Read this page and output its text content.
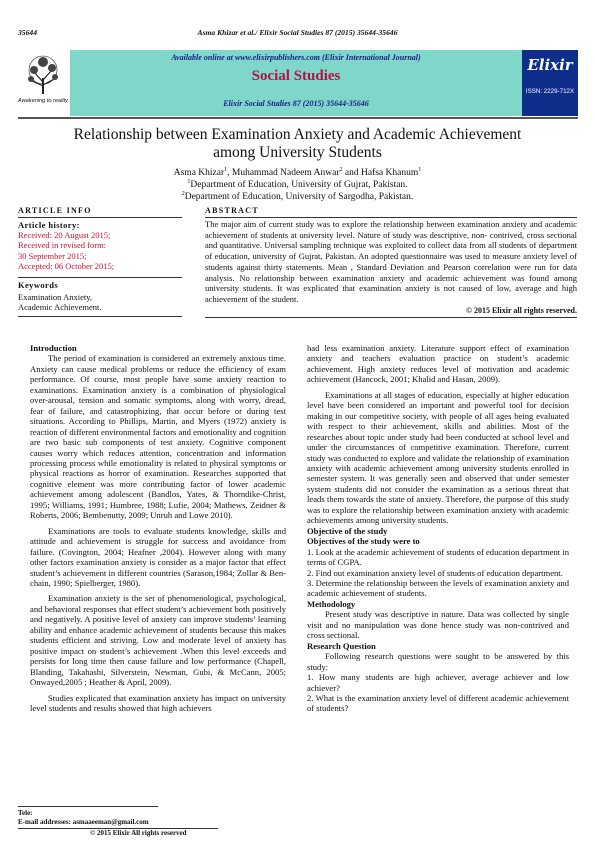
35644	Asma Khizar et al./ Elixir Social Studies 87 (2015) 35644-35646
Awakening to reality
Available online at www.elixirpublishers.com (Elixir International Journal)
Social Studies
Elixir Social Studies 87 (2015) 35644-35646
Elixir
ISSN: 2229-712X
Relationship between Examination Anxiety and Academic Achievement
among University Students
Asma Khizar$^1$, Muhammad Nadeem Anwar$^2$ and Hafsa Khanum$^1$
$^1$Department of Education, University of Gujrat, Pakistan.
$^2$Department of Education, University of Sargodha, Pakistan.
ARTICLE INFO
Article history:
Received: 20 August 2015;
Received in revised form:
30 September 2015;
Accepted: 06 October 2015;
Keywords
Examination Anxiety,
Academic Achievement.
ABSTRACT

The major aim of current study was to explore the relationship between examination anxiety and academic achievement of students at university level. Nature of study was descriptive, non- contrived, cross sectional and quantitative. Universal sampling technique was exploited to collect data from all students of department of education, university of Gujrat, Pakistan. An adopted questionnaire was used to measure anxiety level of students against thirty statements. Mean , Standard Deviation and Pearson correlation were run for data analysis. No relationship between examination anxiety and academic achievement was found among university students. It was explicated that examination anxiety is not caused of low, average and high achievement of the student.

© 2015 Elixir all rights reserved.

Introduction

The period of examination is considered an extremely anxious time. Anxiety can cause medical problems or reduce the efficiency of exam performance. Of course, most people have some anxiety reaction to examinations. Examination anxiety is a combination of physiological over-arousal, tension and somatic symptoms, along with worry, dread, fear of failure, and catastrophizing, that occur before or during test situations. According to Phillips, Martin, and Myers (1972) anxiety is reaction of different environmental factors and emotionality and cognition are two basic sub components of test anxiety. Cognitive component causes worry which reduces attention, concentration and information processing process while emotionality is related to physical symptoms or physical reactions as horror of examination. Researches supported that cognitive element was more contributing factor of lower academic achievement among adolescent (Bandlos, Yates, & Thorndike-Christ, 1995; Williams, 1991; Humbree, 1988; Lufie, 2004; Mathews, Zeidner & Roberts, 2006; Bembenutty, 2009; Unruh and Lowe 2010).

Examinations are tools to evaluate students knowledge, skills and attitude and achievement is struggle for success and avoidance from failure. (Covington, 2004; Heafner ,2004). However along with many other factors examination anxiety is consider as a major factor that effect student’s achievement in different countries (Sarason,1984; Zollar & Ben-chain, 1990; Spielberger, 1980).

Examination anxiety is the set of phenomenological, psychological, and behavioral responses that effect student’s achievement both positively and negatively. A positive level of anxiety can improve students’ learning ability and enhance academic achievement of students because this makes students efficient and striving. Low and moderate level of anxiety has positive impact on student’s achievement .When this level exceeds and persists for long time then cause failure and low performance (Chapell, Blanding, Takahashi, Silverstein, Newman, Gubi, & McCann, 2005; Onwayed,2005 ; Heather & April, 2009).

Studies explicated that examination anxiety has impact on university level students and results showed that high achievers

had less examination anxiety. Literature support effect of examination anxiety and teachers evaluation practice on student’s academic achievement. High anxiety reduces level of motivation and academic achievement (Hancock, 2001; Khalid and Hasan, 2009).

Examinations at all stages of education, especially at higher education level have been considered an important and powerful tool for decision making in our competitive society, with people of all ages being evaluated with respect to their achievement, skills and abilities. Most of the researches about topic under study had been conducted at school level and under the circumstances of competitive examination. Therefore, current study was conducted to explore and validate the relationship of examination anxiety with academic achievement among university students enrolled in semester system. It was generally seen and observed that under semester system students did not consider the examination as a serious threat that leads them towards the state of anxiety. Therefore, the purpose of this study was to explore the relationship between examination anxiety with academic achievements among university students.

Objective of the study

Objectives of the study were to

1. Look at the academic achievement of students of education department in terms of CGPA.

2. Find out examination anxiety level of students of education department.

3. Determine the relationship between the levels of examination anxiety and academic achievement of students.

Methodology

Present study was descriptive in nature. Data was collected by single visit and no manipulation was done hence study was non-contrived and cross sectional.

Research Question

Following research questions were sought to be answered by this study:

1. How many students are high achiever, average achiever and low achiever?

2. What is the examination anxiety level of different academic achievement of students?

Tele:
E-mail addresses: asmaaeeman@gmail.com
© 2015 Elixir All rights reserved
